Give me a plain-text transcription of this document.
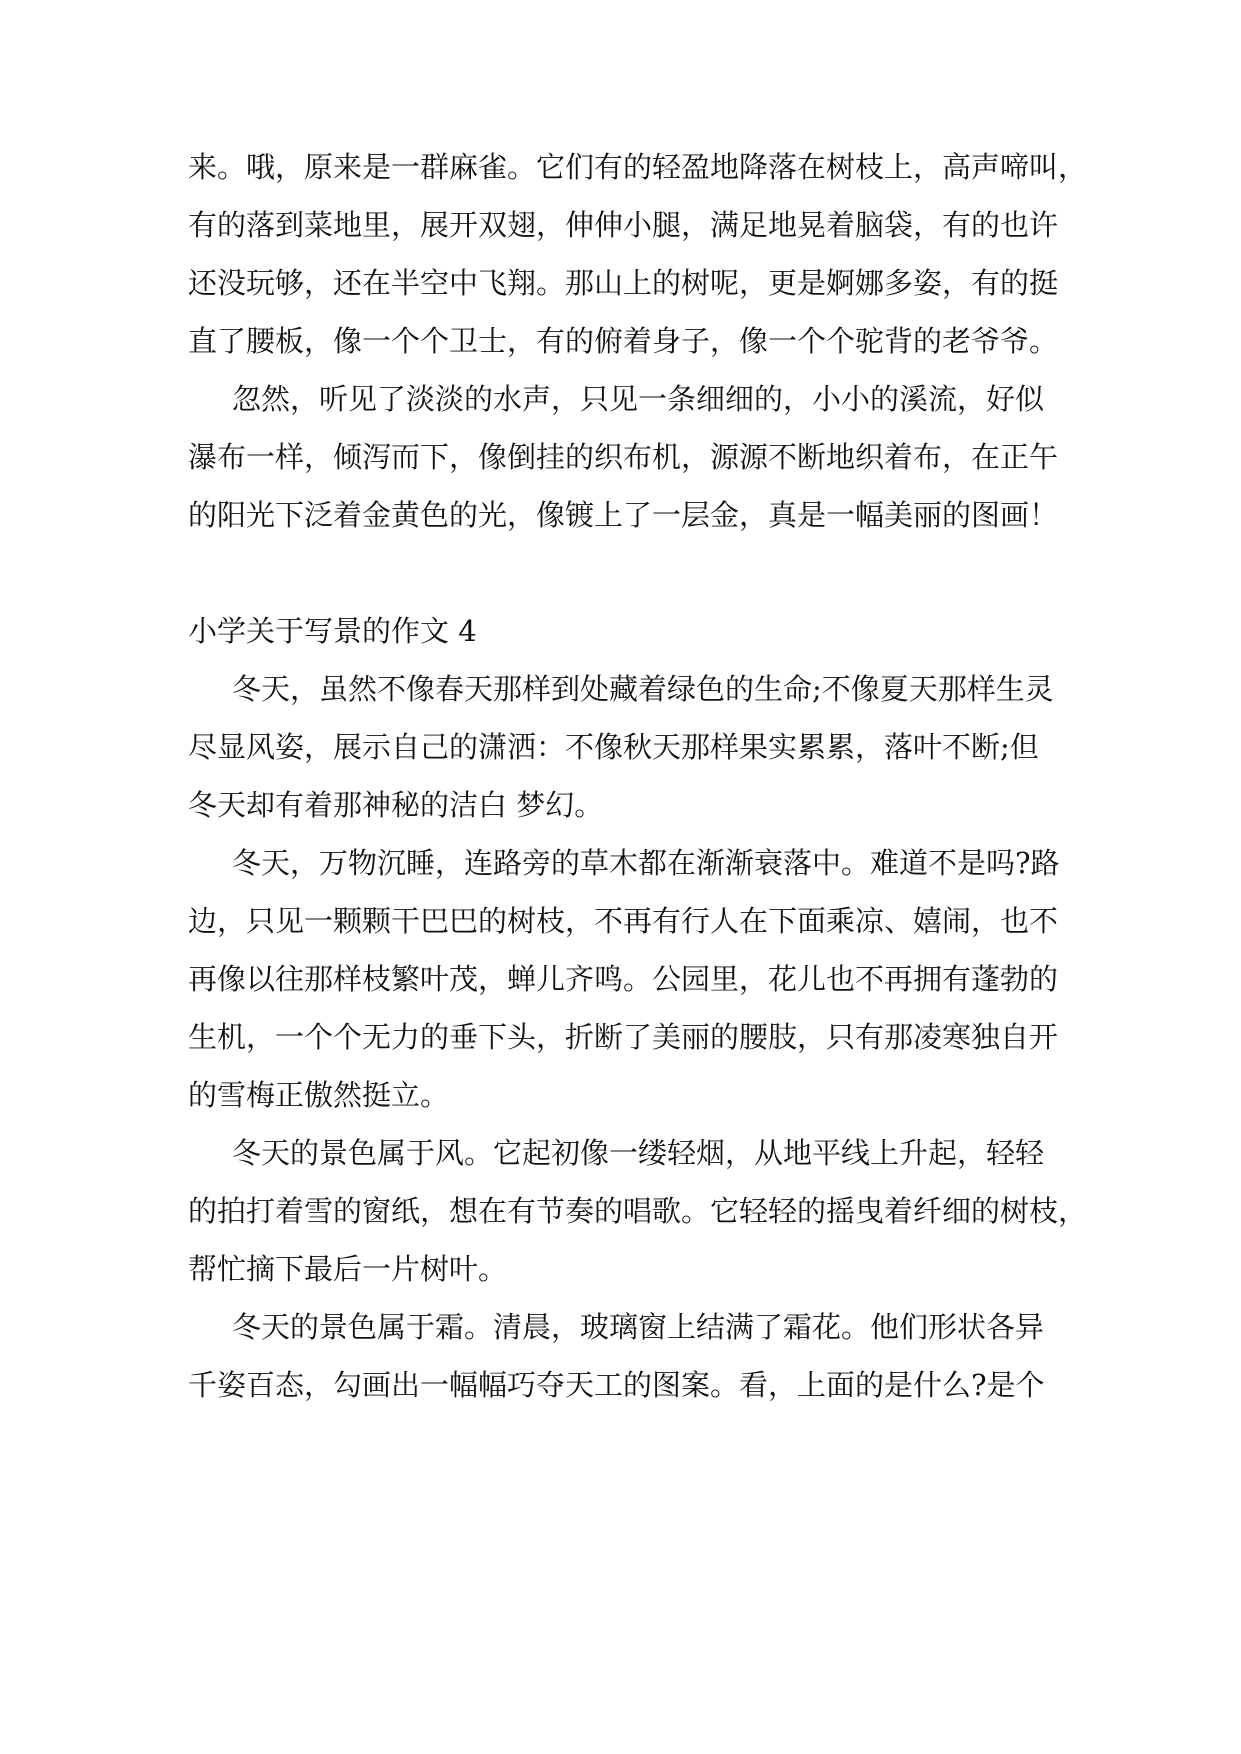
来。哦，原来是一群麻雀。它们有的轻盈地降落在树枝上，高声啼叫，
有的落到菜地里，展开双翅，伸伸小腿，满足地晃着脑袋，有的也许
还没玩够，还在半空中飞翔。那山上的树呢，更是婀娜多姿，有的挺
直了腰板，像一个个卫士，有的俯着身子，像一个个驼背的老爷爷。
忽然，听见了淡淡的水声，只见一条细细的，小小的溪流，好似
瀑布一样，倾泻而下，像倒挂的织布机，源源不断地织着布，在正午
的阳光下泛着金黄色的光，像镀上了一层金，真是一幅美丽的图画！
小学关于写景的作文 4
冬天，虽然不像春天那样到处藏着绿色的生命;不像夏天那样生灵
尽显风姿，展示自己的潇洒：不像秋天那样果实累累，落叶不断;但
冬天却有着那神秘的洁白 梦幻。
冬天，万物沉睡，连路旁的草木都在渐渐衰落中。难道不是吗?路
边，只见一颗颗干巴巴的树枝，不再有行人在下面乘凉、嬉闹，也不
再像以往那样枝繁叶茂，蝉儿齐鸣。公园里，花儿也不再拥有蓬勃的
生机，一个个无力的垂下头，折断了美丽的腰肢，只有那凌寒独自开
的雪梅正傲然挺立。
冬天的景色属于风。它起初像一缕轻烟，从地平线上升起，轻轻
的拍打着雪的窗纸，想在有节奏的唱歌。它轻轻的摇曳着纤细的树枝，
帮忙摘下最后一片树叶。
冬天的景色属于霜。清晨，玻璃窗上结满了霜花。他们形状各异
千姿百态，勾画出一幅幅巧夺天工的图案。看，上面的是什么?是个
